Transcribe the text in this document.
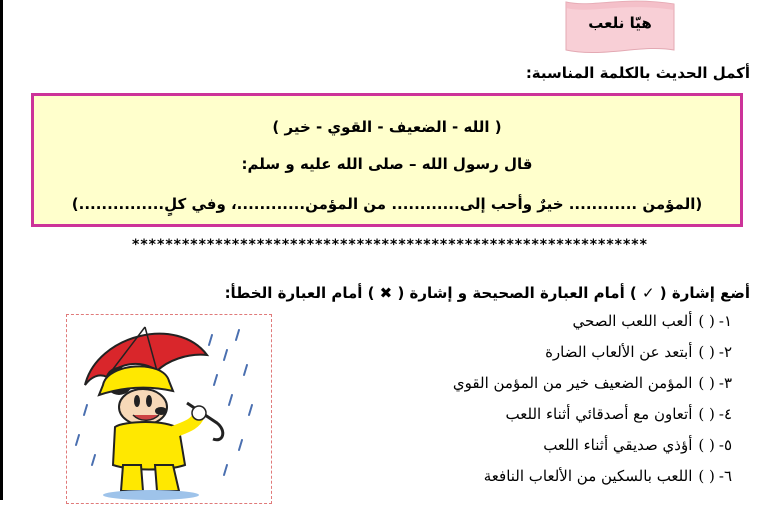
هيّا نلعب
أكمل الحديث بالكلمة المناسبة:
( الله - الضعيف - القوي - خير )
قال رسول الله – صلى الله عليه و سلم:
(المؤمن ............ خيرٌ وأحب إلى............ من المؤمن............، وفي كلٍ...............)
**************************************************************
أضع إشارة ( ✓ ) أمام العبارة الصحيحة و إشارة ( ✖ ) أمام العبارة الخطأ:
١-( )ألعب اللعب الصحي
٢-( )أبتعد عن الألعاب الضارة
٣-( )المؤمن الضعيف خير من المؤمن القوي
٤-( )أتعاون مع أصدقائي أثناء اللعب
٥-( )أؤذي صديقي أثناء اللعب
٦-( )اللعب بالسكين من الألعاب النافعة
